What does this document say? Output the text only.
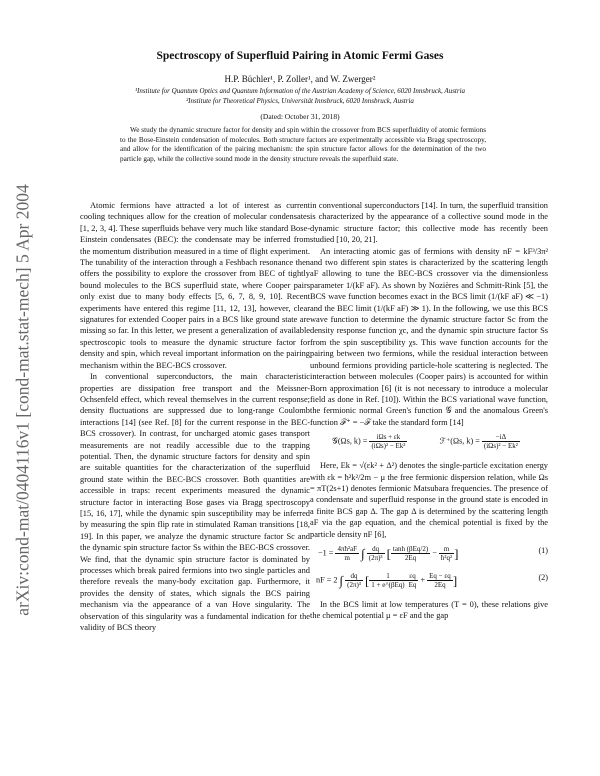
arXiv:cond-mat/0404116v1 [cond-mat.stat-mech] 5 Apr 2004
Spectroscopy of Superfluid Pairing in Atomic Fermi Gases
H.P. Büchler¹, P. Zoller¹, and W. Zwerger²
¹Institute for Quantum Optics and Quantum Information of the Austrian Academy of Science, 6020 Innsbruck, Austria
²Institute for Theoretical Physics, Universität Innsbruck, 6020 Innsbruck, Austria
(Dated: October 31, 2018)
We study the dynamic structure factor for density and spin within the crossover from BCS superfluidity of atomic fermions to the Bose-Einstein condensation of molecules. Both structure factors are experimentally accessible via Bragg spectroscopy, and allow for the identification of the pairing mechanism: the spin structure factor allows for the determination of the two particle gap, while the collective sound mode in the density structure reveals the superfluid state.

Atomic fermions have attracted a lot of interest as current cooling techniques allow for the creation of molecular condensates [1, 2, 3, 4]. These superfluids behave very much like standard Bose-Einstein condensates (BEC): the condensate may be inferred from the momentum distribution measured in a time of flight experiment. The tunability of the interaction through a Feshbach resonance then offers the possibility to explore the crossover from BEC of tightly bound molecules to the BCS superfluid state, where Cooper pairs only exist due to many body effects [5, 6, 7, 8, 9, 10]. Recent experiments have entered this regime [11, 12, 13], however, clear signatures for extended Cooper pairs in a BCS like ground state are missing so far. In this letter, we present a generalization of available spectroscopic tools to measure the dynamic structure factor for density and spin, which reveal important information on the pairing mechanism within the BEC-BCS crossover.

In conventional superconductors, the main characteristic properties are dissipation free transport and the Meissner-Ochsenfeld effect, which reveal themselves in the current response; density fluctuations are suppressed due to long-range Coulomb interactions [14] (see Ref. [8] for the current response in the BEC-BCS crossover). In contrast, for uncharged atomic gases transport measurements are not readily accessible due to the trapping potential. Then, the dynamic structure factors for density and spin are suitable quantities for the characterization of the superfluid ground state within the BEC-BCS crossover. Both quantities are accessible in traps: recent experiments measured the dynamic structure factor in interacting Bose gases via Bragg spectroscopy [15, 16, 17], while the dynamic spin susceptibility may be inferred by measuring the spin flip rate in stimulated Raman transitions [18, 19]. In this paper, we analyze the dynamic structure factor Sc and the dynamic spin structure factor Ss within the BEC-BCS crossover. We find, that the dynamic spin structure factor is dominated by processes which break paired fermions into two single particles and therefore reveals the many-body excitation gap. Furthermore, it provides the density of states, which signals the BCS pairing mechanism via the appearance of a van Hove singularity. The observation of this singularity was a fundamental indication for the validity of BCS theory

in conventional superconductors [14]. In turn, the superfluid transition is characterized by the appearance of a collective sound mode in the dynamic structure factor; this collective mode has recently been studied [10, 20, 21].

An interacting atomic gas of fermions with density nF = kF³/3π² and two different spin states is characterized by the scattering length aF allowing to tune the BEC-BCS crossover via the dimensionless parameter 1/(kF aF). As shown by Nozières and Schmitt-Rink [5], the BCS wave function becomes exact in the BCS limit (1/(kF aF) ≪ −1) and the BEC limit (1/(kF aF) ≫ 1). In the following, we use this BCS wave function to determine the dynamic structure factor Sc from the density response function χc, and the dynamic spin structure factor Ss from the spin susceptibility χs. This wave function accounts for the pairing between two fermions, while the residual interaction between unbound fermions providing particle-hole scattering is neglected. The interaction between molecules (Cooper pairs) is accounted for within Born approximation [6] (it is not necessary to introduce a molecular field as done in Ref. [10]). Within the BCS variational wave function, the fermionic normal Green's function 𝒢 and the anomalous Green's function ℱ⁺ = −ℱ take the standard form [14]

𝒢(Ωs, $k) = \frac{\text{iΩs + εk}}{\text{(iΩs)² − Ek²}}$	ℱ⁺(Ωs, $k) = \frac{-i\Delta}{\text{(iΩs)² − Ek²}}$

Here, Ek = √(εk² + Δ²) denotes the single-particle excitation energy with εk = ħ²k²/2m − μ the free fermionic dispersion relation, while Ωs = πT(2s+1) denotes fermionic Matsubara frequencies. The presence of a condensate and superfluid response in the ground state is encoded in a finite BCS gap Δ. The gap Δ is determined by the scattering length aF via the gap equation, and the chemical potential is fixed by the particle density nF [6],

$-1 = \frac{\text{4πħ²aF}}{m}$ ∫ $\frac{dq}{\text{(2π)³}}$ [ $\frac{\text{tanh (βEq/2)}}{2Eq} - \frac{m}{\text{ħ²q²}}$ ]	(1)
nF = 2 ∫ $\frac{dq}{\text{(2π)³}}$ [ $\frac{1}{\text{1 + e\textasciicircum{}(βEq)}} \frac{\varepsilon q}{Eq} + \frac{Eq - \varepsilon q}{2Eq}$ ]	(2)

In the BCS limit at low temperatures (T = 0), these relations give the chemical potential μ = εF and the gap
